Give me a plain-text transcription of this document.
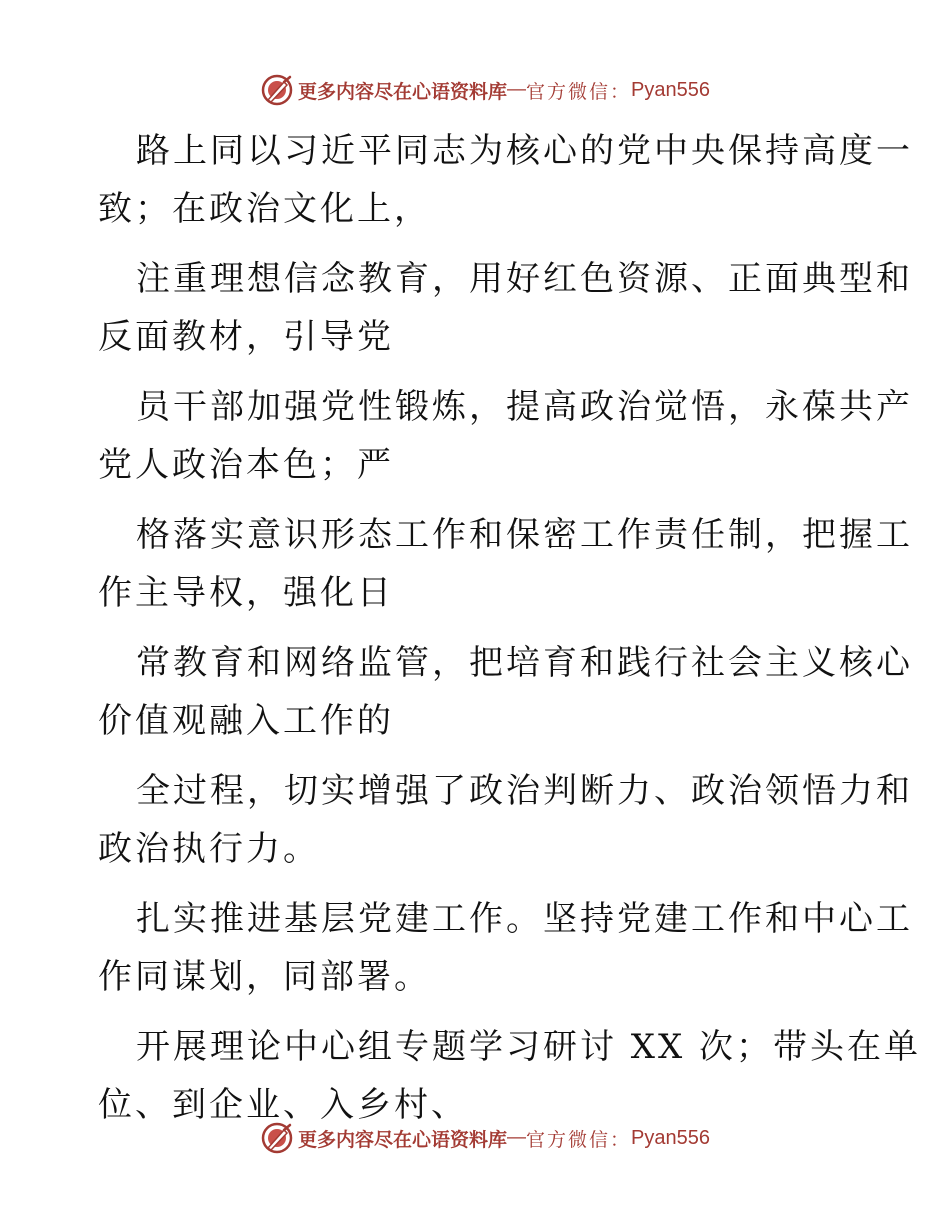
更多内容尽在心语资料库 — 官方微信： Pyan556
路上同以习近平同志为核心的党中央保持高度一
致；在政治文化上，
注重理想信念教育，用好红色资源、正面典型和
反面教材，引导党
员干部加强党性锻炼，提高政治觉悟，永葆共产
党人政治本色；严
格落实意识形态工作和保密工作责任制，把握工
作主导权，强化日
常教育和网络监管，把培育和践行社会主义核心
价值观融入工作的
全过程，切实增强了政治判断力、政治领悟力和
政治执行力。
扎实推进基层党建工作。坚持党建工作和中心工
作同谋划，同部署。
开展理论中心组专题学习研讨 XX 次；带头在单
位、到企业、入乡村、
更多内容尽在心语资料库 — 官方微信： Pyan556
